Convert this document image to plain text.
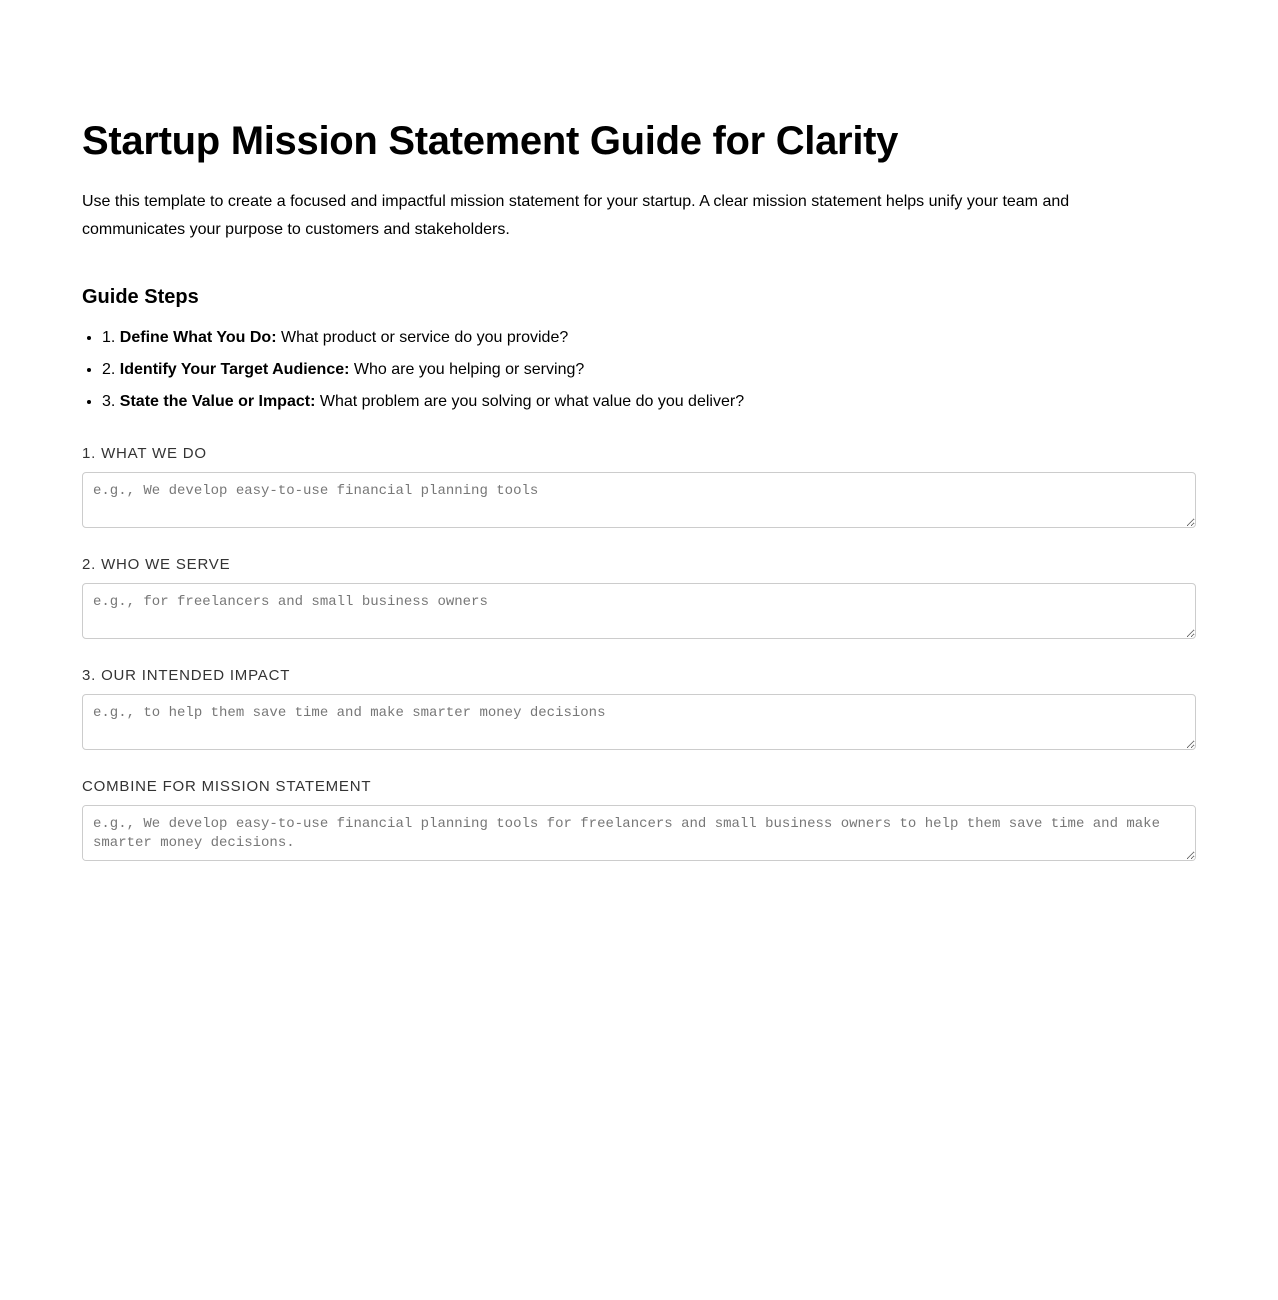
Startup Mission Statement Guide for Clarity

Use this template to create a focused and impactful mission statement for your startup. A clear mission statement helps unify your team and communicates your purpose to customers and stakeholders.

Guide Steps
• 1. Define What You Do: What product or service do you provide?
• 2. Identify Your Target Audience: Who are you helping or serving?
• 3. State the Value or Impact: What problem are you solving or what value do you deliver?
1. WHAT WE DO
e.g., We develop easy-to-use financial planning tools
2. WHO WE SERVE
e.g., for freelancers and small business owners
3. OUR INTENDED IMPACT
e.g., to help them save time and make smarter money decisions
COMBINE FOR MISSION STATEMENT
e.g., We develop easy-to-use financial planning tools for freelancers and small business owners to help them save time and make smarter money decisions.
